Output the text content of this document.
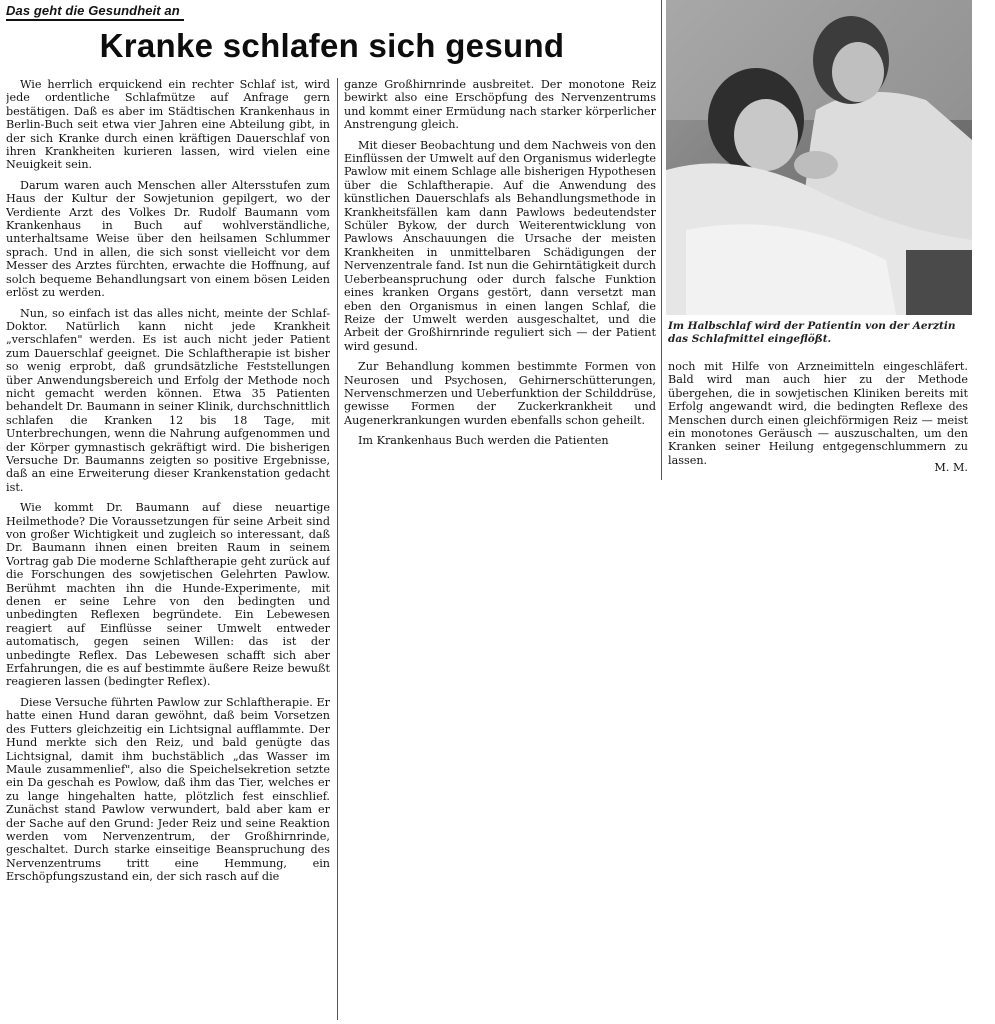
Das geht die Gesundheit an
Kranke schlafen sich gesund

Wie herrlich erquickend ein rechter Schlaf ist, wird jede ordentliche Schlafmütze auf Anfrage gern bestätigen. Daß es aber im Städtischen Krankenhaus in Berlin-Buch seit etwa vier Jahren eine Abteilung gibt, in der sich Kranke durch einen kräftigen Dauerschlaf von ihren Krankheiten kurieren lassen, wird vielen eine Neuigkeit sein.

Darum waren auch Menschen aller Altersstufen zum Haus der Kultur der Sowjetunion gepilgert, wo der Verdiente Arzt des Volkes Dr. Rudolf Baumann vom Krankenhaus in Buch auf wohlverständliche, unterhaltsame Weise über den heilsamen Schlummer sprach. Und in allen, die sich sonst vielleicht vor dem Messer des Arztes fürchten, erwachte die Hoffnung, auf solch bequeme Behandlungsart von einem bösen Leiden erlöst zu werden.

Nun, so einfach ist das alles nicht, meinte der Schlaf-Doktor. Natürlich kann nicht jede Krankheit „verschlafen" werden. Es ist auch nicht jeder Patient zum Dauerschlaf geeignet. Die Schlaftherapie ist bisher so wenig erprobt, daß grundsätzliche Feststellungen über Anwendungsbereich und Erfolg der Methode noch nicht gemacht werden können. Etwa 35 Patienten behandelt Dr. Baumann in seiner Klinik, durchschnittlich schlafen die Kranken 12 bis 18 Tage, mit Unterbrechungen, wenn die Nahrung aufgenommen und der Körper gymnastisch gekräftigt wird. Die bisherigen Versuche Dr. Baumanns zeigten so positive Ergebnisse, daß an eine Erweiterung dieser Krankenstation gedacht ist.

Wie kommt Dr. Baumann auf diese neuartige Heilmethode? Die Voraussetzungen für seine Arbeit sind von großer Wichtigkeit und zugleich so interessant, daß Dr. Baumann ihnen einen breiten Raum in seinem Vortrag gab Die moderne Schlaftherapie geht zurück auf die Forschungen des sowjetischen Gelehrten Pawlow. Berühmt machten ihn die Hunde-Experimente, mit denen er seine Lehre von den bedingten und unbedingten Reflexen begründete. Ein Lebewesen reagiert auf Einflüsse seiner Umwelt entweder automatisch, gegen seinen Willen: das ist der unbedingte Reflex. Das Lebewesen schafft sich aber Erfahrungen, die es auf bestimmte äußere Reize bewußt reagieren lassen (bedingter Reflex).

Diese Versuche führten Pawlow zur Schlaftherapie. Er hatte einen Hund daran gewöhnt, daß beim Vorsetzen des Futters gleichzeitig ein Lichtsignal aufflammte. Der Hund merkte sich den Reiz, und bald genügte das Lichtsignal, damit ihm buchstäblich „das Wasser im Maule zusammenlief", also die Speichelsekretion setzte ein Da geschah es Powlow, daß ihm das Tier, welches er zu lange hingehalten hatte, plötzlich fest einschlief. Zunächst stand Pawlow verwundert, bald aber kam er der Sache auf den Grund: Jeder Reiz und seine Reaktion werden vom Nervenzentrum, der Großhirnrinde, geschaltet. Durch starke einseitige Beanspruchung des Nervenzentrums tritt eine Hemmung, ein Erschöpfungszustand ein, der sich rasch auf die

ganze Großhirnrinde ausbreitet. Der monotone Reiz bewirkt also eine Erschöpfung des Nervenzentrums und kommt einer Ermüdung nach starker körperlicher Anstrengung gleich.

Mit dieser Beobachtung und dem Nachweis von den Einflüssen der Umwelt auf den Organismus widerlegte Pawlow mit einem Schlage alle bisherigen Hypothesen über die Schlaftherapie. Auf die Anwendung des künstlichen Dauerschlafs als Behandlungsmethode in Krankheitsfällen kam dann Pawlows bedeutendster Schüler Bykow, der durch Weiterentwicklung von Pawlows Anschauungen die Ursache der meisten Krankheiten in unmittelbaren Schädigungen der Nervenzentrale fand. Ist nun die Gehirntätigkeit durch Ueberbeanspruchung oder durch falsche Funktion eines kranken Organs gestört, dann versetzt man eben den Organismus in einen langen Schlaf, die Reize der Umwelt werden ausgeschaltet, und die Arbeit der Großhirnrinde reguliert sich — der Patient wird gesund.

Zur Behandlung kommen bestimmte Formen von Neurosen und Psychosen, Gehirnerschütterungen, Nervenschmerzen und Ueberfunktion der Schilddrüse, gewisse Formen der Zuckerkrankheit und Augenerkrankungen wurden ebenfalls schon geheilt.

Im Krankenhaus Buch werden die Patienten

Im Halbschlaf wird der Patientin von der Aerztin das Schlafmittel eingeflößt.

noch mit Hilfe von Arzneimitteln eingeschläfert. Bald wird man auch hier zu der Methode übergehen, die in sowjetischen Kliniken bereits mit Erfolg angewandt wird, die bedingten Reflexe des Menschen durch einen gleichförmigen Reiz — meist ein monotones Geräusch — auszuschalten, um den Kranken seiner Heilung entgegenschlummern zu lassen.

M. M.
